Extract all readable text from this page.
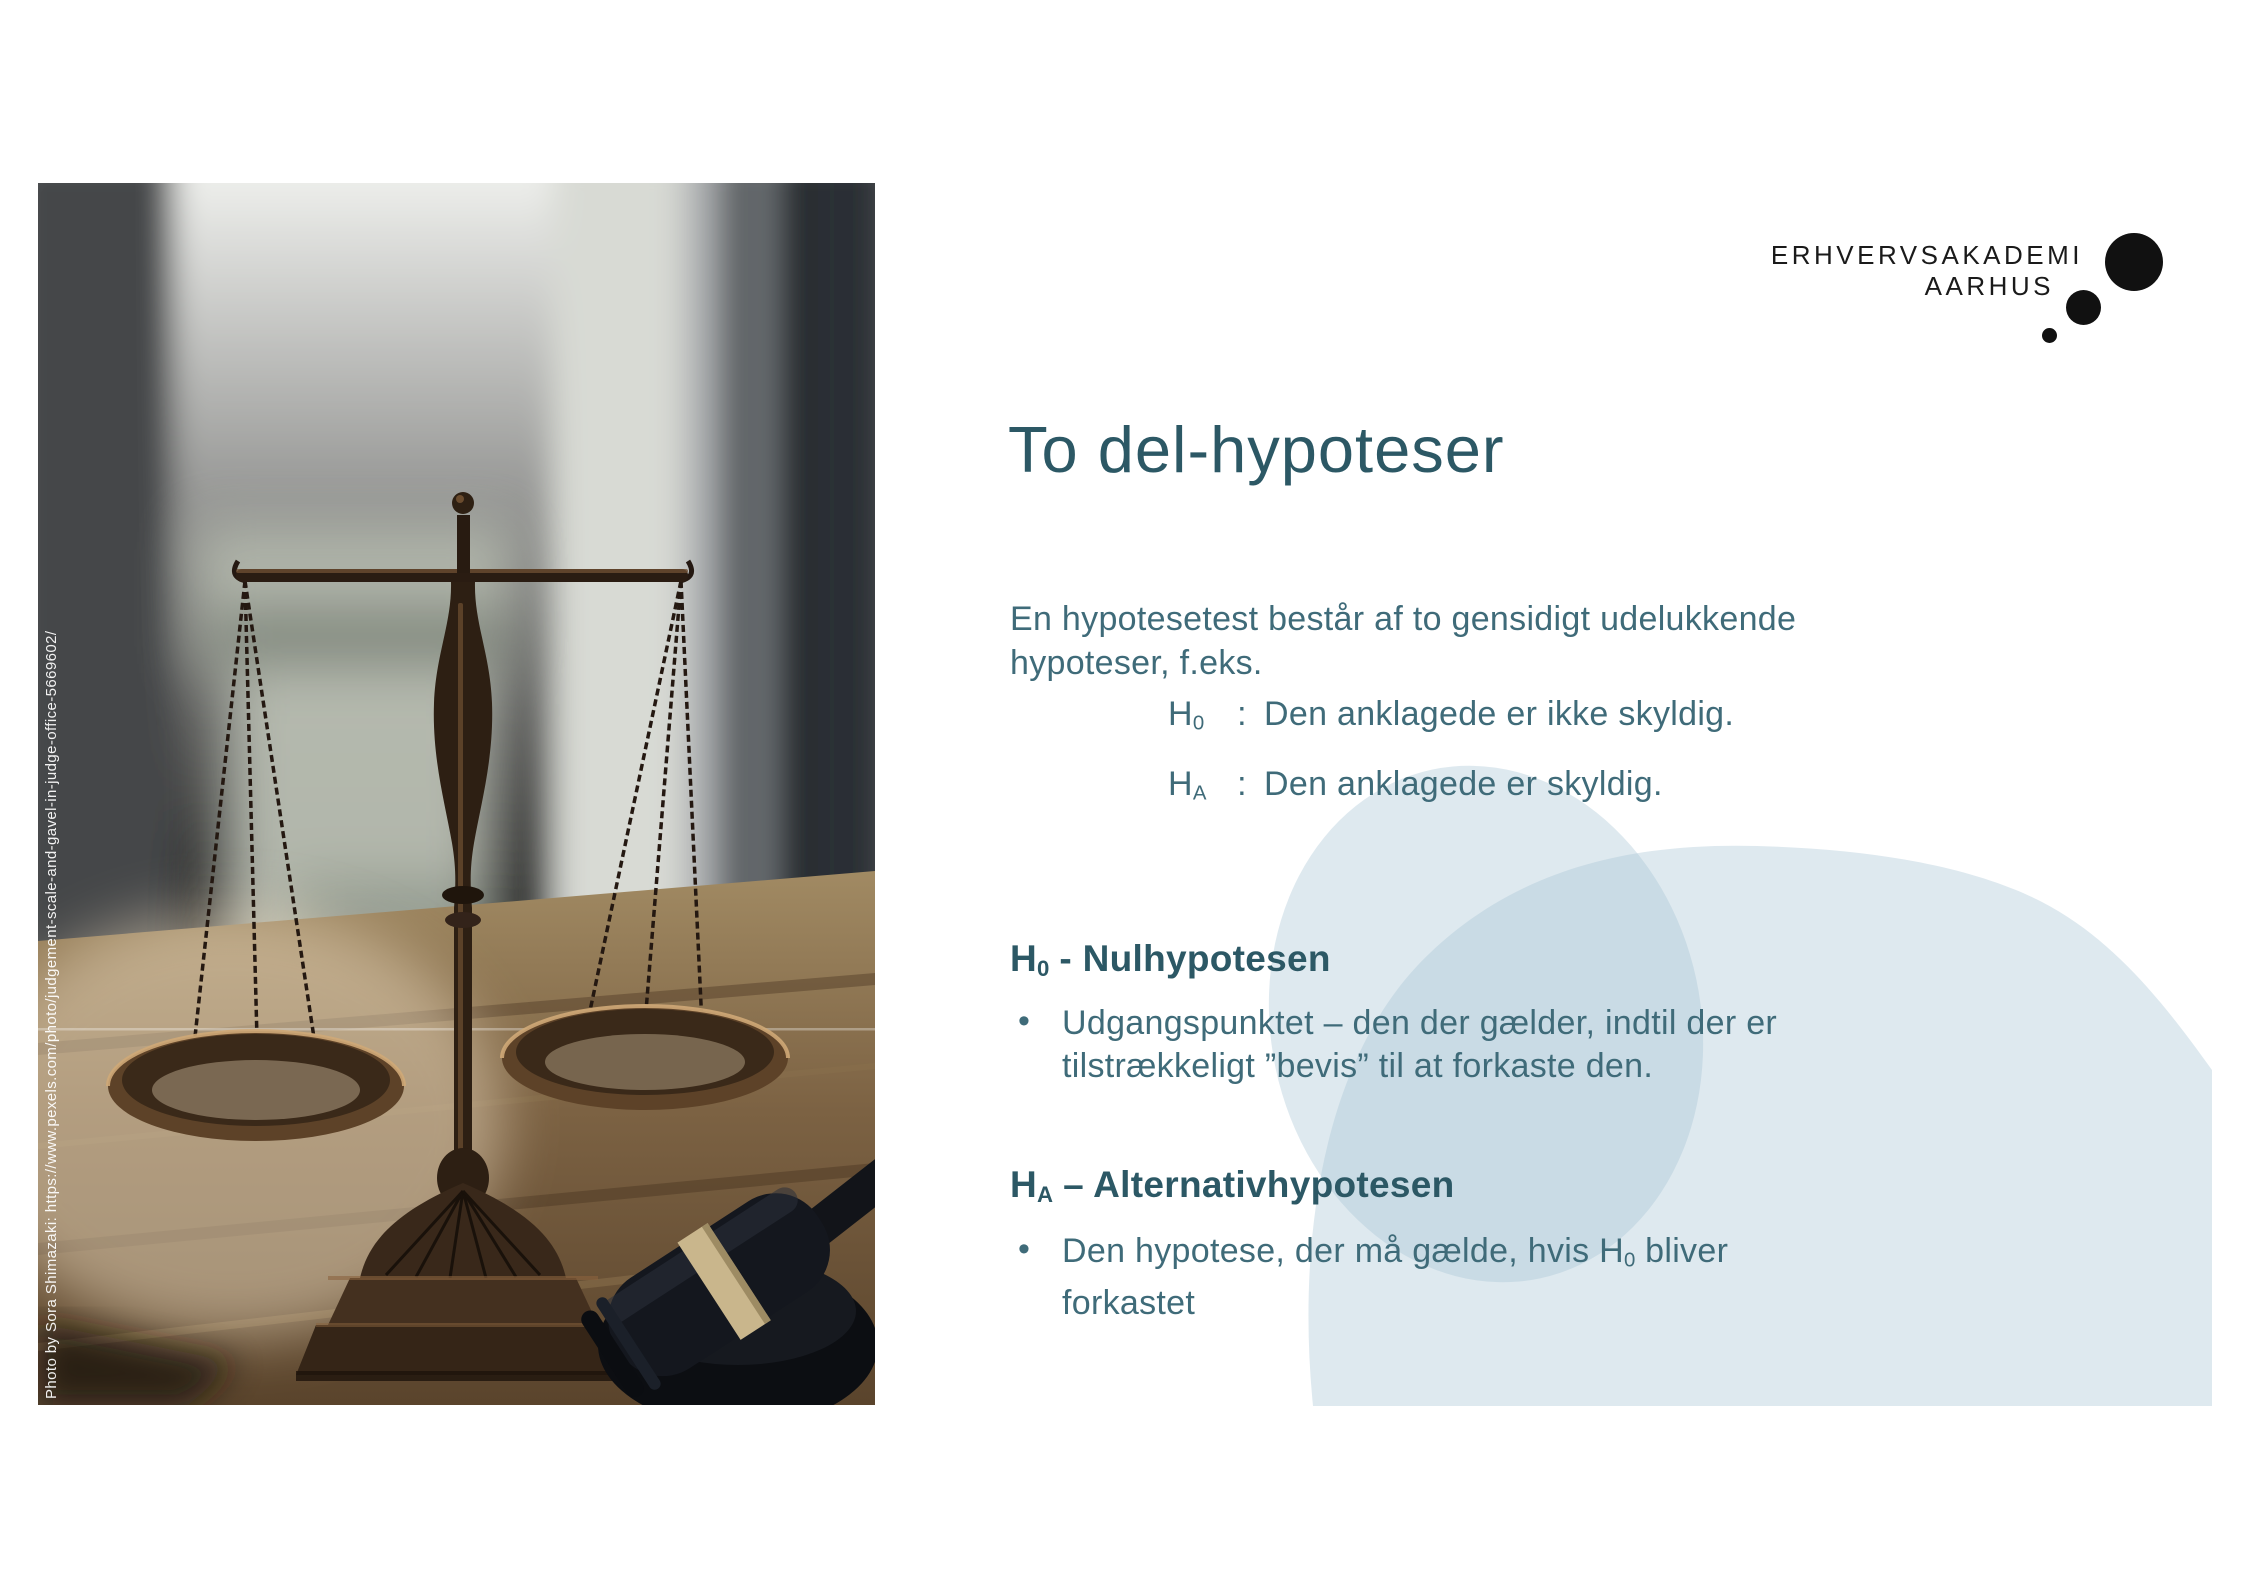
Photo by Sora Shimazaki: https://www.pexels.com/photo/judgement-scale-and-gavel-in-judge-office-5669602/
ERHVERVSAKADEMI
AARHUS
To del-hypoteser
En hypotesetest består af to gensidigt udelukkende
hypoteser, f.eks.
$H_0$ : Den anklagede er ikke skyldig.
$H_A$ : Den anklagede er skyldig.
$H_0$ - Nulhypotesen
• Udgangspunktet – den der gælder, indtil der er
tilstrækkeligt ”bevis” til at forkaste den.
$H_A$ – Alternativhypotesen
• Den hypotese, der må gælde, hvis $H_0$ bliver forkastet
